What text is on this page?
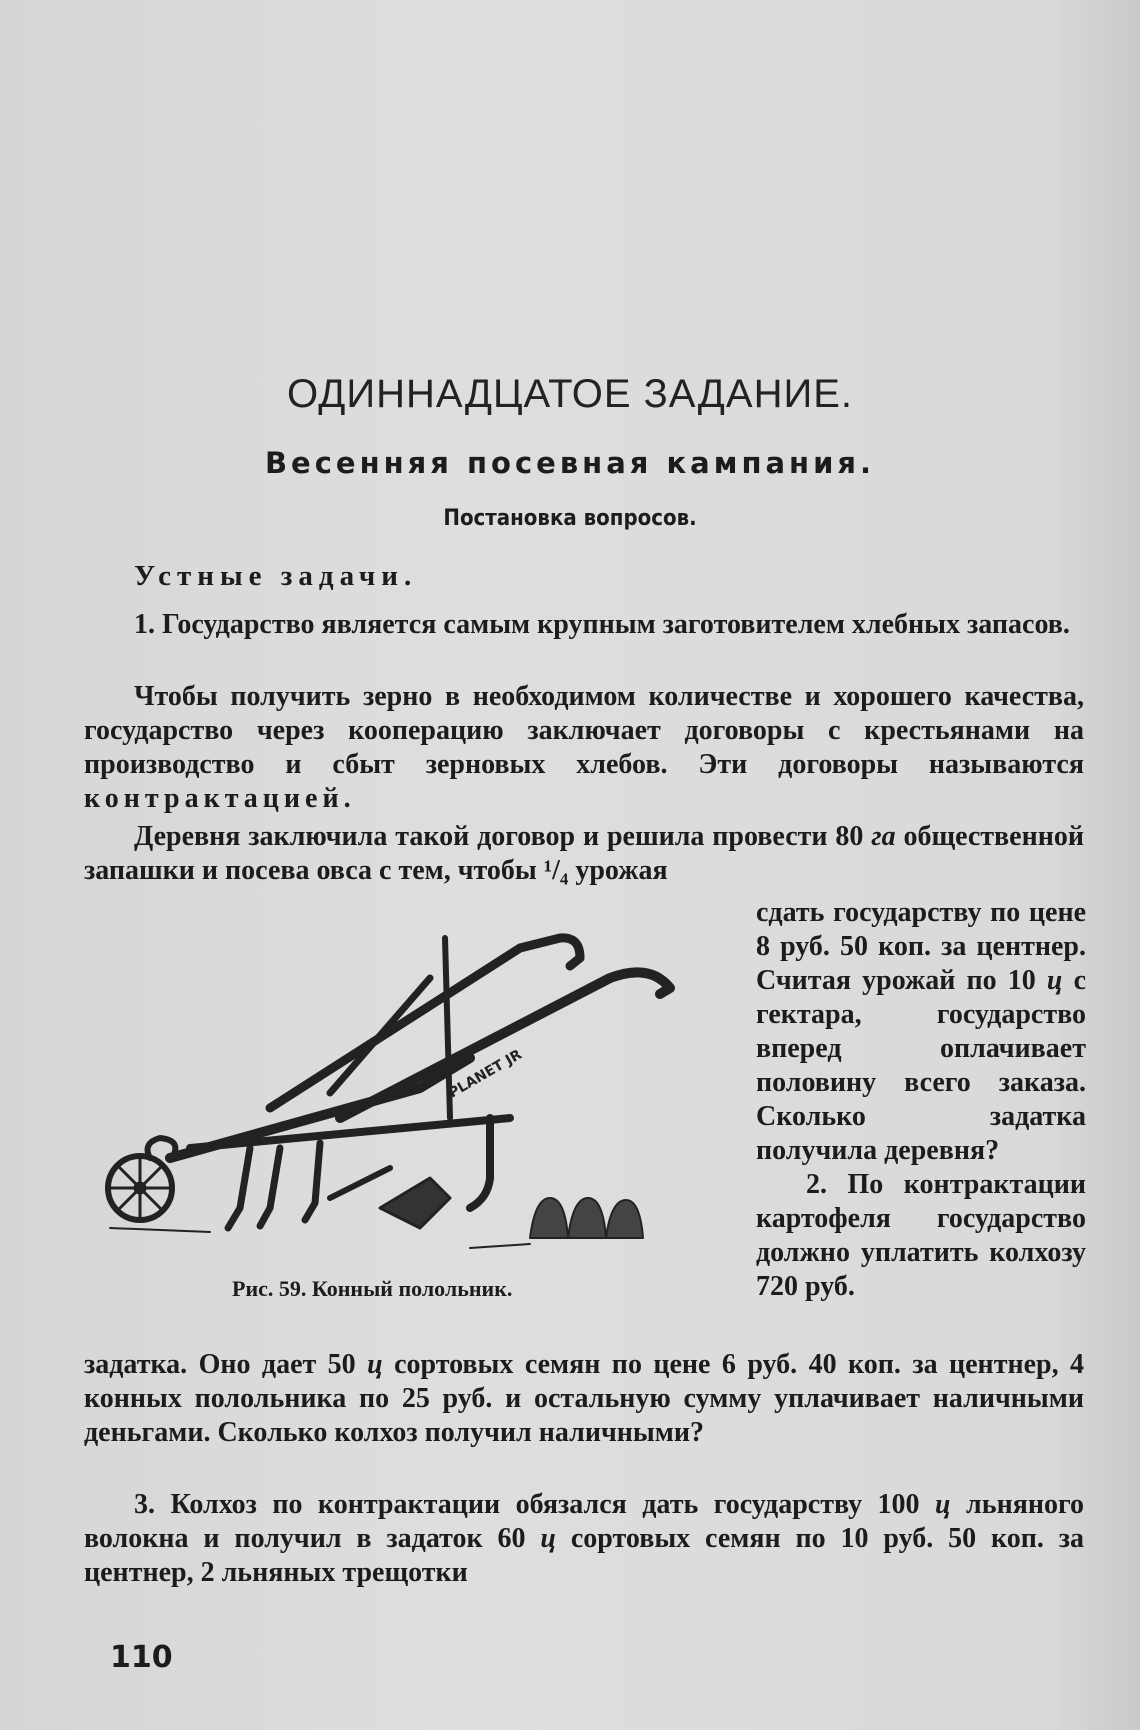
ОДИННАДЦАТОЕ ЗАДАНИЕ.
Весенняя посевная кампания.
Постановка вопросов.
Устные задачи.

1. Государство является самым крупным заготовителем хлебных запасов.

Чтобы получить зерно в необходимом количестве и хорошего качества, государство через кооперацию заключает договоры с крестьянами на производство и сбыт зерновых хлебов. Эти договоры называются контрактацией.

Деревня заключила такой договор и решила провести 80 га общественной запашки и посева овса с тем, чтобы ¹/₄ урожая

PLANET JR
Рис. 59. Конный полольник.

сдать государству по цене 8 руб. 50 коп. за центнер. Считая урожай по 10 ц с гектара, государство вперед оплачивает половину всего заказа. Сколько задатка получила деревня?
2. По контрактации картофеля государство должно уплатить колхозу 720 руб.

задатка. Оно дает 50 ц сортовых семян по цене 6 руб. 40 коп. за центнер, 4 конных полольника по 25 руб. и остальную сумму уплачивает наличными деньгами. Сколько колхоз получил наличными?

3. Колхоз по контрактации обязался дать государству 100 ц льняного волокна и получил в задаток 60 ц сортовых семян по 10 руб. 50 коп. за центнер, 2 льняных трещотки

110
